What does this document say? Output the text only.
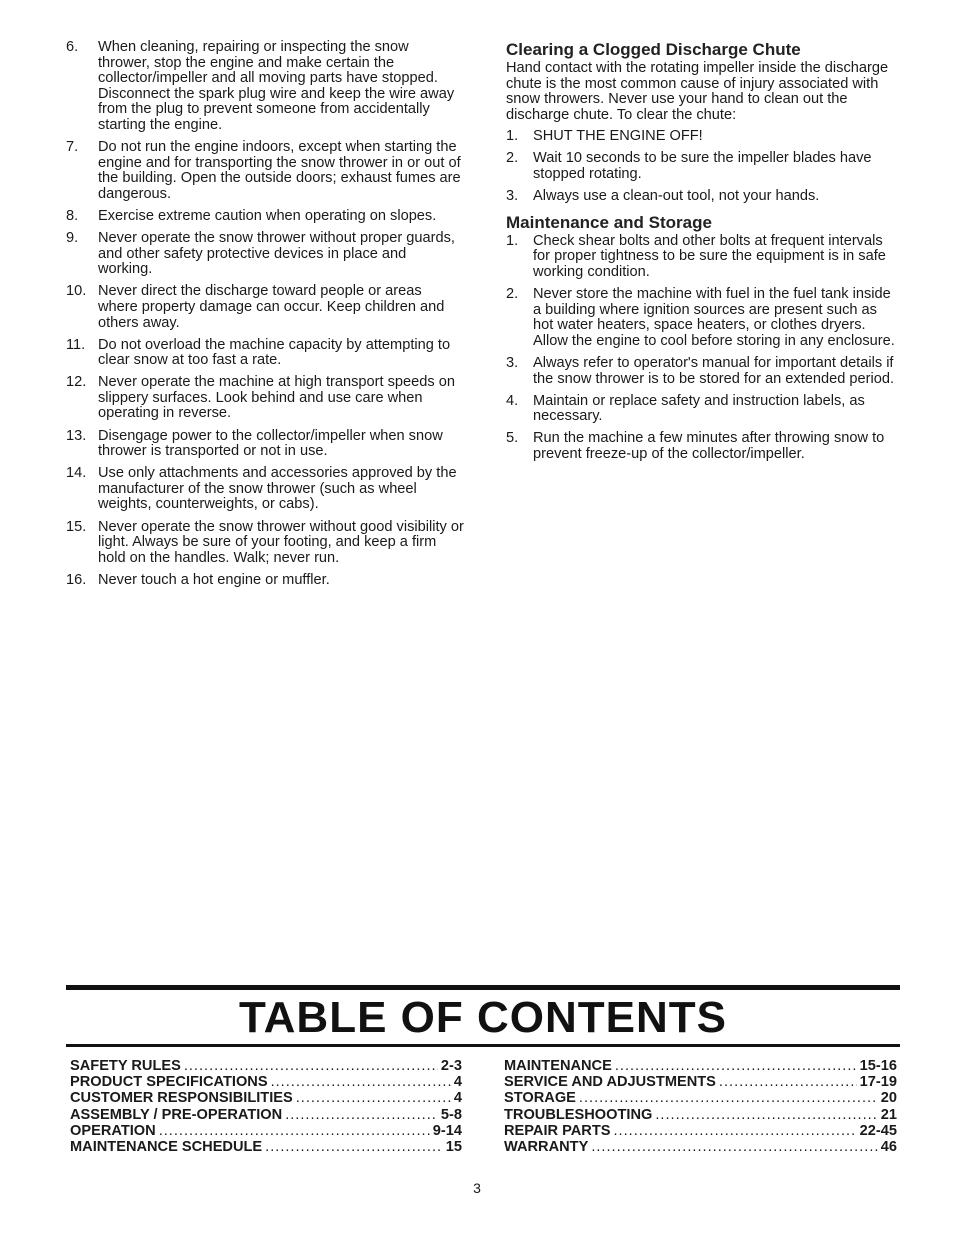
6. When cleaning, repairing or inspecting the snow thrower, stop the engine and make certain the collector/impeller and all moving parts have stopped. Disconnect the spark plug wire and keep the wire away from the plug to prevent someone from accidentally starting the engine.
7. Do not run the engine indoors, except when starting the engine and for transporting the snow thrower in or out of the building. Open the outside doors; exhaust fumes are dangerous.
8. Exercise extreme caution when operating on slopes.
9. Never operate the snow thrower without proper guards, and other safety protective devices in place and working.
10. Never direct the discharge toward people or areas where property damage can occur. Keep children and others away.
11. Do not overload the machine capacity by attempting to clear snow at too fast a rate.
12. Never operate the machine at high transport speeds on slippery surfaces. Look behind and use care when operating in reverse.
13. Disengage power to the collector/impeller when snow thrower is transported or not in use.
14. Use only attachments and accessories approved by the manufacturer of the snow thrower (such as wheel weights, counterweights, or cabs).
15. Never operate the snow thrower without good visibility or light. Always be sure of your footing, and keep a firm hold on the handles. Walk; never run.
16. Never touch a hot engine or muffler.
Clearing a Clogged Discharge Chute
Hand contact with the rotating impeller inside the discharge chute is the most common cause of injury associated with snow throwers. Never use your hand to clean out the discharge chute. To clear the chute:
1. SHUT THE ENGINE OFF!
2. Wait 10 seconds to be sure the impeller blades have stopped rotating.
3. Always use a clean-out tool, not your hands.
Maintenance and Storage
1. Check shear bolts and other bolts at frequent intervals for proper tightness to be sure the equipment is in safe working condition.
2. Never store the machine with fuel in the fuel tank inside a building where ignition sources are present such as hot water heaters, space heaters, or clothes dryers. Allow the engine to cool before storing in any enclosure.
3. Always refer to operator's manual for important details if the snow thrower is to be stored for an extended period.
4. Maintain or replace safety and instruction labels, as necessary.
5. Run the machine a few minutes after throwing snow to prevent freeze-up of the collector/impeller.
TABLE OF CONTENTS
SAFETY RULES .....	2-3
PRODUCT SPECIFICATIONS .....	4
CUSTOMER RESPONSIBILITIES .....	4
ASSEMBLY / PRE-OPERATION .....	5-8
OPERATION .....	9-14
MAINTENANCE SCHEDULE .....	15
MAINTENANCE .....	15-16
SERVICE AND ADJUSTMENTS .....	17-19
STORAGE .....	20
TROUBLESHOOTING .....	21
REPAIR PARTS .....	22-45
WARRANTY .....	46
3
